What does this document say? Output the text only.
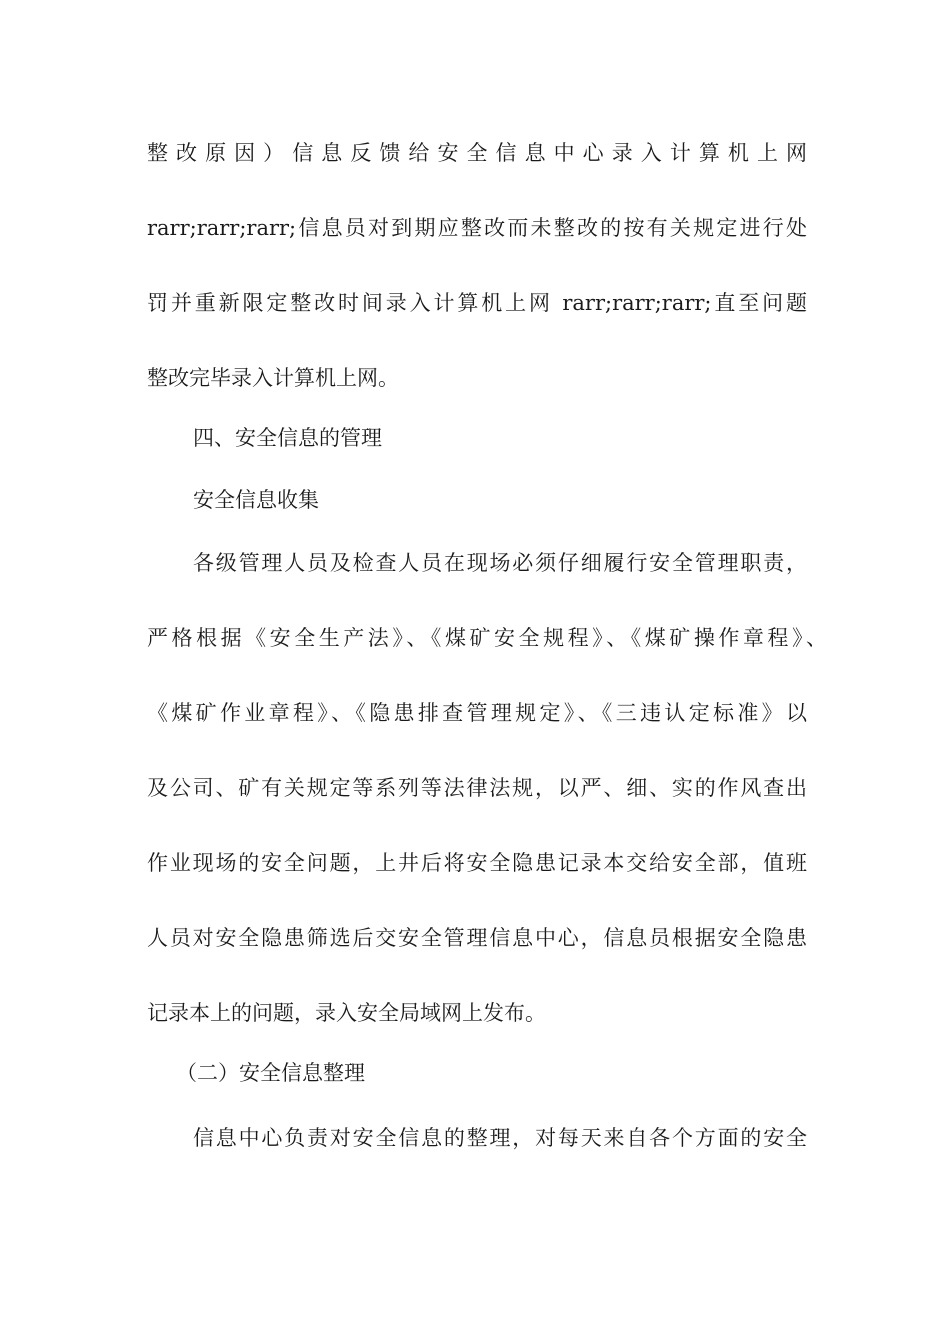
整改原因）信息反馈给安全信息中心录入计算机上网
rarr;rarr;rarr;信息员对到期应整改而未整改的按有关规定进行处
罚并重新限定整改时间录入计算机上网 rarr;rarr;rarr;直至问题
整改完毕录入计算机上网。
四、安全信息的管理
安全信息收集
各级管理人员及检查人员在现场必须仔细履行安全管理职责，
严格根据《安全生产法》、《煤矿安全规程》、《煤矿操作章程》、
《煤矿作业章程》、《隐患排查管理规定》、《三违认定标准》以
及公司、矿有关规定等系列等法律法规，以严、细、实的作风查出
作业现场的安全问题，上井后将安全隐患记录本交给安全部，值班
人员对安全隐患筛选后交安全管理信息中心，信息员根据安全隐患
记录本上的问题，录入安全局域网上发布。
（二）安全信息整理
信息中心负责对安全信息的整理，对每天来自各个方面的安全
